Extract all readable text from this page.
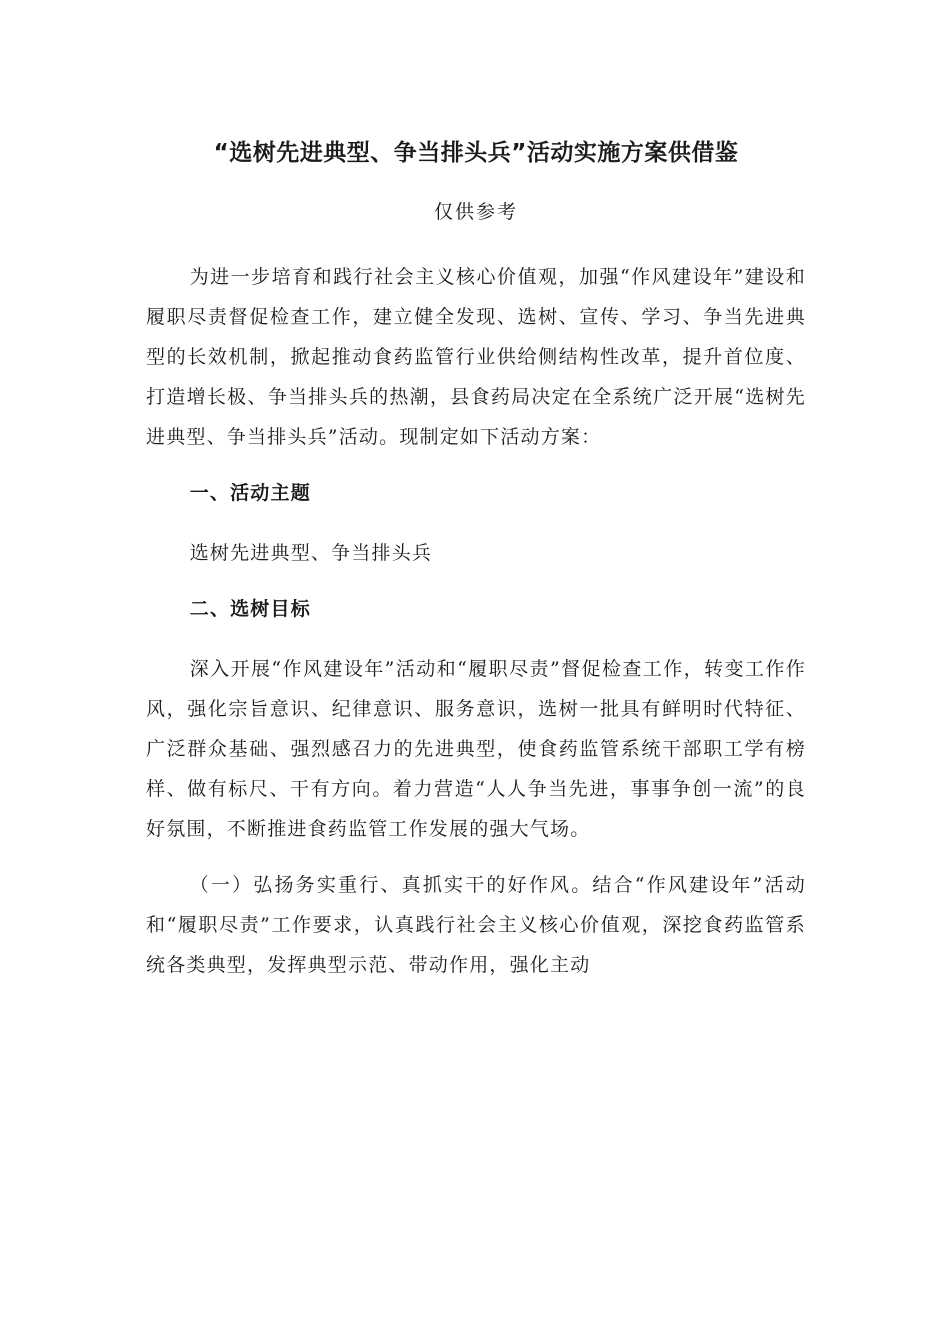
“选树先进典型、争当排头兵”活动实施方案供借鉴
仅供参考

为进一步培育和践行社会主义核心价值观，加强“作风建设年”建设和履职尽责督促检查工作，建立健全发现、选树、宣传、学习、争当先进典型的长效机制，掀起推动食药监管行业供给侧结构性改革，提升首位度、打造增长极、争当排头兵的热潮，县食药局决定在全系统广泛开展“选树先进典型、争当排头兵”活动。现制定如下活动方案：

一、活动主题

选树先进典型、争当排头兵

二、选树目标

深入开展“作风建设年”活动和“履职尽责”督促检查工作，转变工作作风，强化宗旨意识、纪律意识、服务意识，选树一批具有鲜明时代特征、广泛群众基础、强烈感召力的先进典型，使食药监管系统干部职工学有榜样、做有标尺、干有方向。着力营造“人人争当先进，事事争创一流”的良好氛围，不断推进食药监管工作发展的强大气场。

（一）弘扬务实重行、真抓实干的好作风。结合“作风建设年”活动和“履职尽责”工作要求，认真践行社会主义核心价值观，深挖食药监管系统各类典型，发挥典型示范、带动作用，强化主动
